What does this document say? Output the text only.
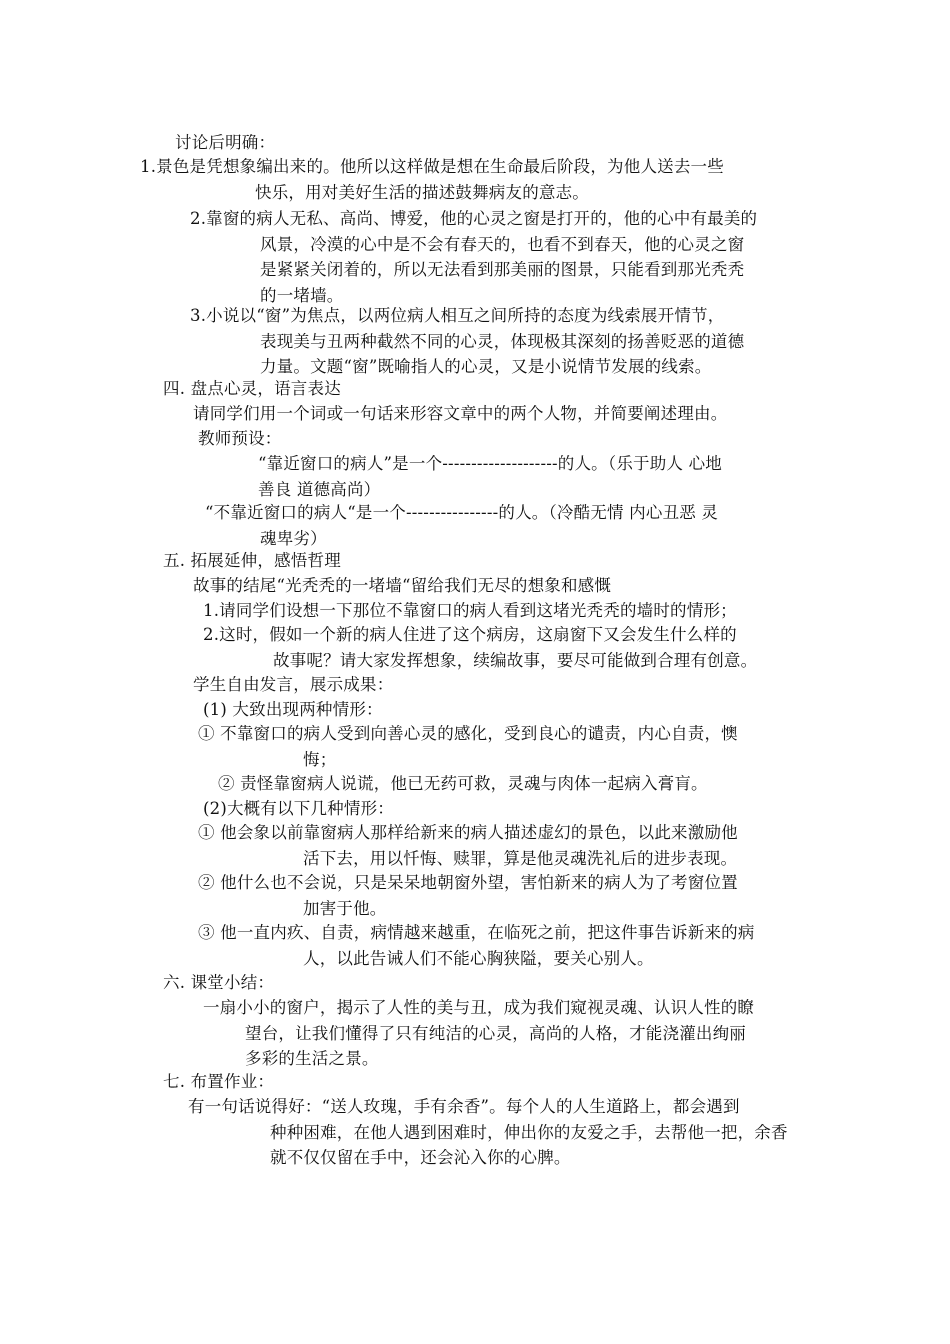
讨论后明确：
1.景色是凭想象编出来的。他所以这样做是想在生命最后阶段，为他人送去一些
快乐，用对美好生活的描述鼓舞病友的意志。
2.靠窗的病人无私、高尚、博爱，他的心灵之窗是打开的，他的心中有最美的
风景，冷漠的心中是不会有春天的，也看不到春天，他的心灵之窗
是紧紧关闭着的，所以无法看到那美丽的图景，只能看到那光秃秃
的一堵墙。
3.小说以“窗”为焦点，以两位病人相互之间所持的态度为线索展开情节，
表现美与丑两种截然不同的心灵，体现极其深刻的扬善贬恶的道德
力量。文题“窗”既喻指人的心灵，又是小说情节发展的线索。
四. 盘点心灵，语言表达
请同学们用一个词或一句话来形容文章中的两个人物，并简要阐述理由。
教师预设：
“靠近窗口的病人”是一个--------------------的人。（乐于助人 心地
善良 道德高尚）
“不靠近窗口的病人“是一个----------------的人。（冷酷无情 内心丑恶 灵
魂卑劣）
五. 拓展延伸，感悟哲理
故事的结尾“光秃秃的一堵墙“留给我们无尽的想象和感慨
1.请同学们设想一下那位不靠窗口的病人看到这堵光秃秃的墙时的情形；
2.这时，假如一个新的病人住进了这个病房，这扇窗下又会发生什么样的
故事呢？请大家发挥想象，续编故事，要尽可能做到合理有创意。
学生自由发言，展示成果：
(1) 大致出现两种情形：
① 不靠窗口的病人受到向善心灵的感化，受到良心的谴责，内心自责，懊
悔；
② 责怪靠窗病人说谎，他已无药可救，灵魂与肉体一起病入膏肓。
(2)大概有以下几种情形：
① 他会象以前靠窗病人那样给新来的病人描述虚幻的景色，以此来激励他
活下去，用以忏悔、赎罪，算是他灵魂洗礼后的进步表现。
② 他什么也不会说，只是呆呆地朝窗外望，害怕新来的病人为了考窗位置
加害于他。
③ 他一直内疚、自责，病情越来越重，在临死之前，把这件事告诉新来的病
人，以此告诫人们不能心胸狭隘，要关心别人。
六. 课堂小结：
一扇小小的窗户，揭示了人性的美与丑，成为我们窥视灵魂、认识人性的瞭
望台，让我们懂得了只有纯洁的心灵，高尚的人格，才能浇灌出绚丽
多彩的生活之景。
七. 布置作业：
有一句话说得好：“送人玫瑰，手有余香”。每个人的人生道路上，都会遇到
种种困难，在他人遇到困难时，伸出你的友爱之手，去帮他一把，余香
就不仅仅留在手中，还会沁入你的心脾。
